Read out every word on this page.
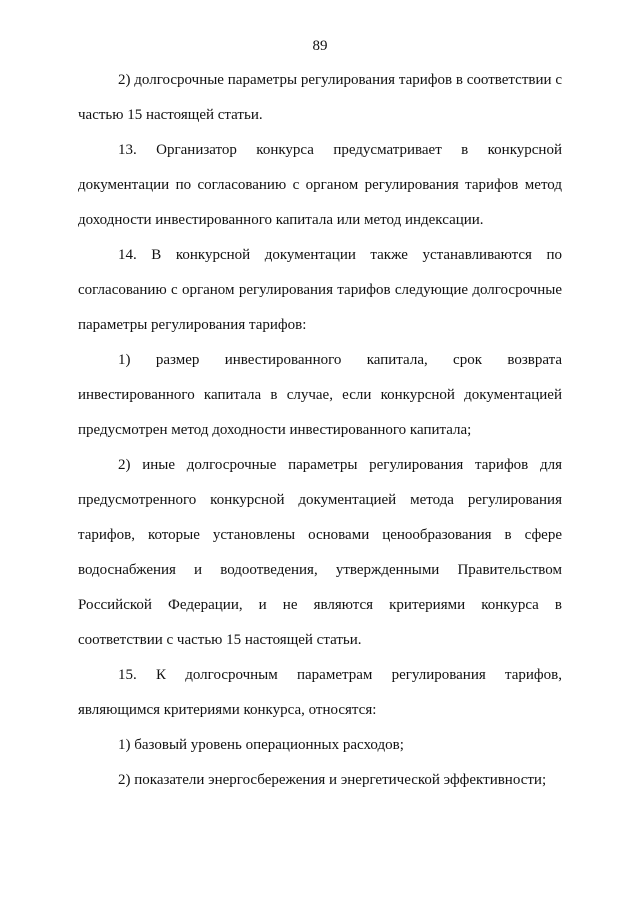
89
2) долгосрочные параметры регулирования тарифов в соответствии с
частью 15 настоящей статьи.
13. Организатор конкурса предусматривает в конкурсной
документации по согласованию с органом регулирования тарифов метод
доходности инвестированного капитала или метод индексации.
14. В конкурсной документации также устанавливаются по
согласованию с органом регулирования тарифов следующие долгосрочные
параметры регулирования тарифов:
1) размер инвестированного капитала, срок возврата
инвестированного капитала в случае, если конкурсной документацией
предусмотрен метод доходности инвестированного капитала;
2) иные долгосрочные параметры регулирования тарифов для
предусмотренного конкурсной документацией метода регулирования
тарифов, которые установлены основами ценообразования в сфере
водоснабжения и водоотведения, утвержденными Правительством
Российской Федерации, и не являются критериями конкурса в
соответствии с частью 15 настоящей статьи.
15. К долгосрочным параметрам регулирования тарифов,
являющимся критериями конкурса, относятся:
1) базовый уровень операционных расходов;
2) показатели энергосбережения и энергетической эффективности;
